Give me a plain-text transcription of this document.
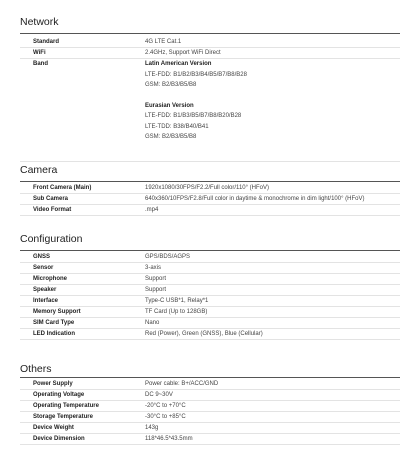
Network
Standard	4G LTE Cat.1
WiFi	2.4GHz, Support WiFi Direct
Band	Latin American Version
LTE-FDD: B1/B2/B3/B4/B5/B7/B8/B28
GSM: B2/B3/B5/B8
Eurasian Version
LTE-FDD: B1/B3/B5/B7/B8/B20/B28
LTE-TDD: B38/B40/B41
GSM: B2/B3/B5/B8
Camera
Front Camera (Main)	1920x1080/30FPS/F2.2/Full color/110° (HFoV)
Sub Camera	640x360/10FPS/F2.8/Full color in daytime & monochrome in dim light/100° (HFoV)
Video Format	.mp4
Configuration
GNSS	GPS/BDS/AGPS
Sensor	3-axis
Microphone	Support
Speaker	Support
Interface	Type-C USB*1, Relay*1
Memory Support	TF Card (Up to 128GB)
SIM Card Type	Nano
LED Indication	Red (Power), Green (GNSS), Blue (Cellular)
Others
Power Supply	Power cable: B+/ACC/GND
Operating Voltage	DC 9~30V
Operating Temperature	-20°C to +70°C
Storage Temperature	-30°C to +85°C
Device Weight	143g
Device Dimension	118*46.5*43.5mm
